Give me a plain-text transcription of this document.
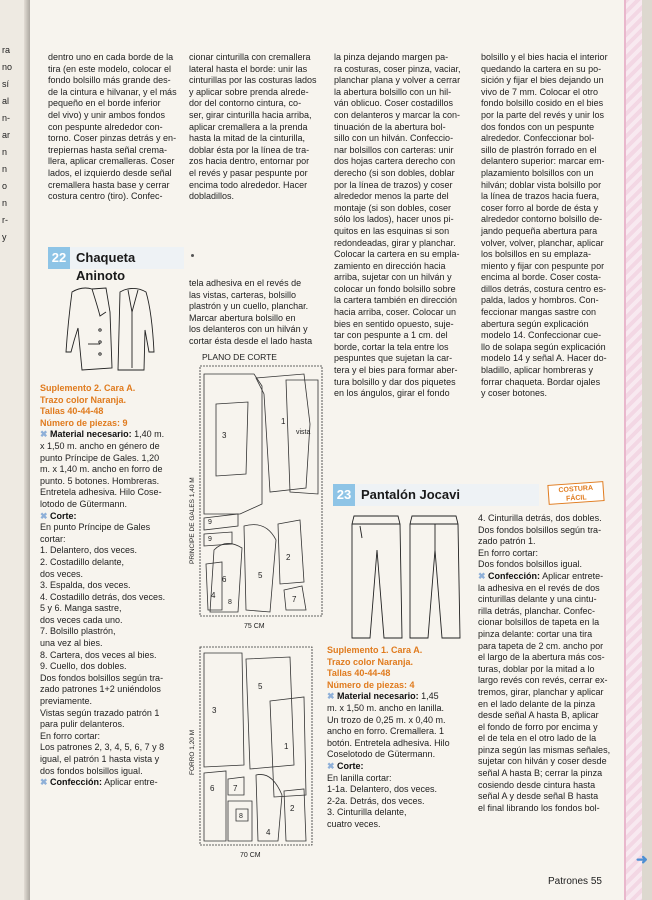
ra
no
sí
al
n-
ar
n
n
o
n
r-
y
dentro uno en cada borde de la
tira (en este modelo, colocar el
fondo bolsillo más grande des-
de la cintura e hilvanar, y el más
pequeño en el borde inferior
del vivo) y unir ambos fondos
con pespunte alrededor con-
torno. Coser pinzas detrás y en-
trepiernas hasta señal crema-
llera, aplicar cremalleras. Coser
lados, el izquierdo desde señal
cremallera hasta base y cerrar
costura centro (tiro). Confec-
cionar cinturilla con cremallera
lateral hasta el borde: unir las
cinturillas por las costuras lados
y aplicar sobre prenda alrede-
dor del contorno cintura, co-
ser, girar cinturilla hacia arriba,
aplicar cremallera a la prenda
hasta la mitad de la cinturilla,
doblar ésta por la línea de tra-
zos hacia dentro, entornar por
el revés y pasar pespunte por
encima todo alrededor. Hacer
dobladillos.
la pinza dejando margen pa-
ra costuras, coser pinza, vaciar,
planchar plana y volver a cerrar
la abertura bolsillo con un hil-
ván oblicuo. Coser costadillos
con delanteros y marcar la con-
tinuación de la abertura bol-
sillo con un hilván. Confeccio-
nar bolsillos con carteras: unir
dos hojas cartera derecho con
derecho (si son dobles, doblar
por la línea de trazos) y coser
alrededor menos la parte del
montaje (si son dobles, coser
sólo los lados), hacer unos pi-
quitos en las esquinas si son
redondeadas, girar y planchar.
Colocar la cartera en su empla-
zamiento en dirección hacia
arriba, sujetar con un hilván y
colocar un fondo bolsillo sobre
la cartera también en dirección
hacia arriba, coser. Colocar un
bies en sentido opuesto, suje-
tar con pespunte a 1 cm. del
borde, cortar la tela entre los
pespuntes que sujetan la car-
tera y el bies para formar aber-
tura bolsillo y dar dos piquetes
en los ángulos, girar el fondo
bolsillo y el bies hacia el interior
quedando la cartera en su po-
sición y fijar el bies dejando un
vivo de 7 mm. Colocar el otro
fondo bolsillo cosido en el bies
por la parte del revés y unir los
dos fondos con un pespunte
alrededor. Confeccionar bol-
sillo de plastrón forrado en el
delantero superior: marcar em-
plazamiento bolsillos con un
hilván; doblar vista bolsillo por
la línea de trazos hacia fuera,
coser forro al borde de ésta y
alrededor contorno bolsillo de-
jando pequeña abertura para
volver, volver, planchar, aplicar
los bolsillos en su emplaza-
miento y fijar con pespunte por
encima al borde. Coser costa-
dillos detrás, costura centro es-
palda, lados y hombros. Con-
feccionar mangas sastre con
abertura según explicación
modelo 14. Confeccionar cue-
llo de solapa según explicación
modelo 14 y señal A. Hacer do-
bladillo, aplicar hombreras y
forrar chaqueta. Bordar ojales
y coser botones.
22 Chaqueta Aninoto	tela adhesiva en el revés de
las vistas, carteras, bolsillo
plastrón y un cuello, planchar.
Marcar abertura bolsillo en
los delanteros con un hilván y
cortar ésta desde el lado hasta
PLANO DE CORTE
3
1
vista
9
9
6	5
2
7
4
8
PRINCIPE DE GALES 1,40 M
75 CM
3
5
1
6 7
8
4
2
FORRO 1,20 M
70 CM
Suplemento 2. Cara A.
Trazo color Naranja.
Tallas 40-44-48
Número de piezas: 9
✖ Material necesario: 1,40 m.
x 1,50 m. ancho en género de
punto Príncipe de Gales. 1,20
m. x 1,40 m. ancho en forro de
punto. 5 botones. Hombreras.
Entretela adhesiva. Hilo Cose-
lotodo de Gütermann.
✖ Corte:
En punto Príncipe de Gales
cortar:
1. Delantero, dos veces.
2. Costadillo delante,
dos veces.
3. Espalda, dos veces.
4. Costadillo detrás, dos veces.
5 y 6. Manga sastre,
dos veces cada uno.
7. Bolsillo plastrón,
una vez al bies.
8. Cartera, dos veces al bies.
9. Cuello, dos dobles.
Dos fondos bolsillos según tra-
zado patrones 1+2 uniéndolos
previamente.
Vistas según trazado patrón 1
para pulir delanteros.
En forro cortar:
Los patrones 2, 3, 4, 5, 6, 7 y 8
igual, el patrón 1 hasta vista y
dos fondos bolsillos igual.
✖ Confección: Aplicar entre-
23 Pantalón Jocavi	COSTURA
FÁCIL
Suplemento 1. Cara A.
Trazo color Naranja.
Tallas 40-44-48
Número de piezas: 4
✖ Material necesario: 1,45
m. x 1,50 m. ancho en lanilla.
Un trozo de 0,25 m. x 0,40 m.
ancho en forro. Cremallera. 1
botón. Entretela adhesiva. Hilo
Coselotodo de Gütermann.
✖ Corte:
En lanilla cortar:
1-1a. Delantero, dos veces.
2-2a. Detrás, dos veces.
3. Cinturilla delante,
cuatro veces.
4. Cinturilla detrás, dos dobles.
Dos fondos bolsillos según tra-
zado patrón 1.
En forro cortar:
Dos fondos bolsillos igual.
✖ Confección: Aplicar entrete-
la adhesiva en el revés de dos
cinturillas delante y una cintu-
rilla detrás, planchar. Confec-
cionar bolsillos de tapeta en la
pinza delante: cortar una tira
para tapeta de 2 cm. ancho por
el largo de la abertura más cos-
turas, doblar por la mitad a lo
largo revés con revés, cerrar ex-
tremos, girar, planchar y aplicar
en el lado delante de la pinza
desde señal A hasta B, aplicar
el fondo de forro por encima y
el de tela en el otro lado de la
pinza según las mismas señales,
sujetar con hilván y coser desde
señal A hasta B; cerrar la pinza
cosiendo desde cintura hasta
señal A y desde señal B hasta
el final librando los fondos bol-
Patrones 55
➜
